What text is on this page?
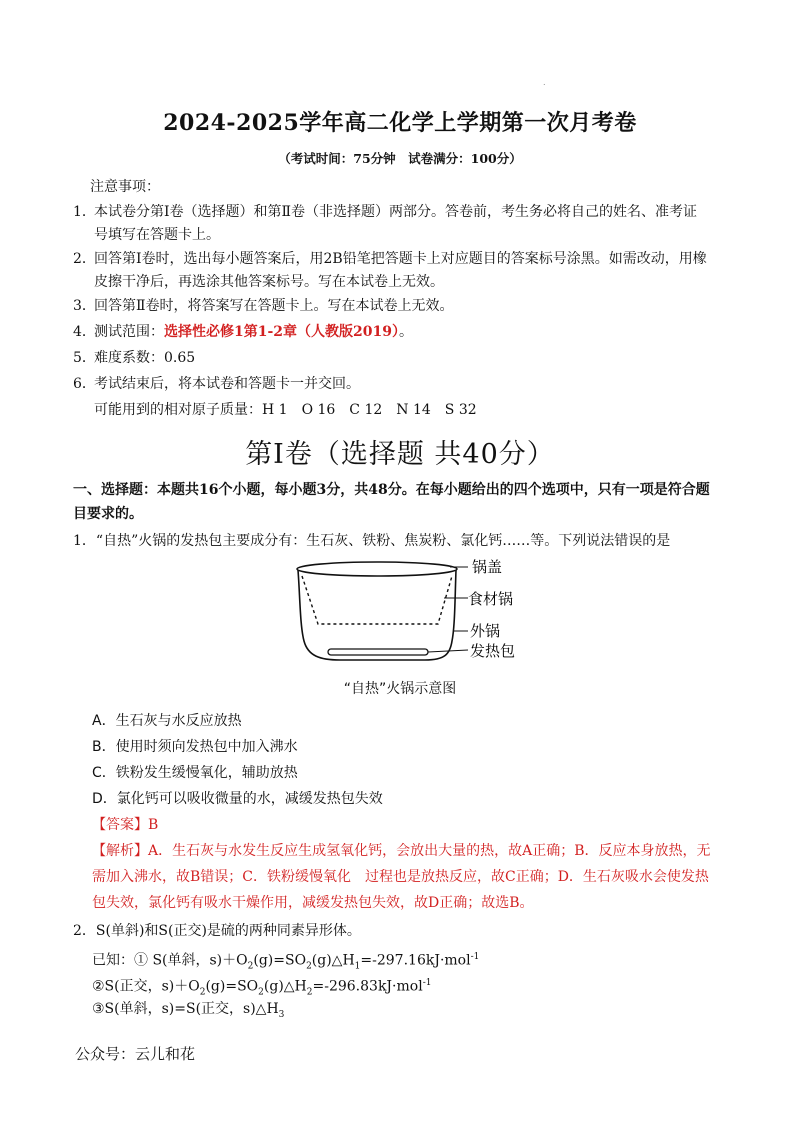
.
2024-2025学年高二化学上学期第一次月考卷
（考试时间：75分钟　试卷满分：100分）
注意事项：
1．
本试卷分第Ⅰ卷（选择题）和第Ⅱ卷（非选择题）两部分。答卷前，考生务必将自己的姓名、准考证
号填写在答题卡上。
2．
回答第Ⅰ卷时，选出每小题答案后，用2B铅笔把答题卡上对应题目的答案标号涂黑。如需改动，用橡
皮擦干净后，再选涂其他答案标号。写在本试卷上无效。
3．
回答第Ⅱ卷时，将答案写在答题卡上。写在本试卷上无效。
4．
测试范围：选择性必修1第1-2章（人教版2019）。
5．
难度系数：0.65
6．
考试结束后，将本试卷和答题卡一并交回。
可能用到的相对原子质量：H 1　O 16　C 12　N 14　S 32
第Ⅰ卷（选择题 共40分）
一、选择题：本题共16个小题，每小题3分，共48分。在每小题给出的四个选项中，只有一项是符合题
目要求的。
1．“自热”火锅的发热包主要成分有：生石灰、铁粉、焦炭粉、氯化钙……等。下列说法错误的是
锅盖
食材锅
外锅
发热包
“自热”火锅示意图
A．生石灰与水反应放热
B．使用时须向发热包中加入沸水
C．铁粉发生缓慢氧化，辅助放热
D．氯化钙可以吸收微量的水，减缓发热包失效
【答案】B
【解析】A．生石灰与水发生反应生成氢氧化钙，会放出大量的热，故A正确；B．反应本身放热，无
需加入沸水，故B错误；C．铁粉缓慢氧化　过程也是放热反应，故C正确；D．生石灰吸水会使发热
包失效，氯化钙有吸水干燥作用，减缓发热包失效，故D正确；故选B。
2．S(单斜)和S(正交)是硫的两种同素异形体。
已知：① S(单斜，$s)+O_2(g)=SO_2(g)\triangle H_1=-297.16kJ\cdot mol^{-1}$
②S(正交，$s)+O_2(g)=SO_2(g)\triangle H_2=-296.83kJ\cdot mol^{-1}$
③S(单斜，s)=S(正交，$s)\triangle H_3$
公众号：云儿和花
